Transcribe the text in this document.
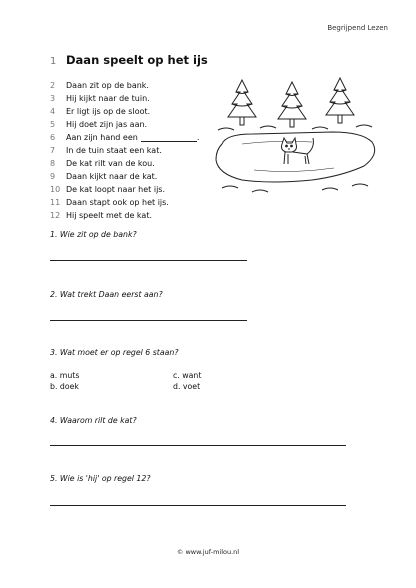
Begrijpend Lezen
1 Daan speelt op het ijs
2	Daan zit op de bank.
3	Hij kijkt naar de tuin.
4	Er ligt ijs op de sloot.
5	Hij doet zijn jas aan.
6	Aan zijn hand een	.
7	In de tuin staat een kat.
8	De kat rilt van de kou.
9	Daan kijkt naar de kat.
10 De kat loopt naar het ijs.
11 Daan stapt ook op het ijs.
12 Hij speelt met de kat.
1. Wie zit op de bank?
2. Wat trekt Daan eerst aan?
3. Wat moet er op regel 6 staan?
a. muts	c. want
b. doek	d. voet
4. Waarom rilt de kat?
5. Wie is 'hij' op regel 12?
© www.juf-milou.nl
